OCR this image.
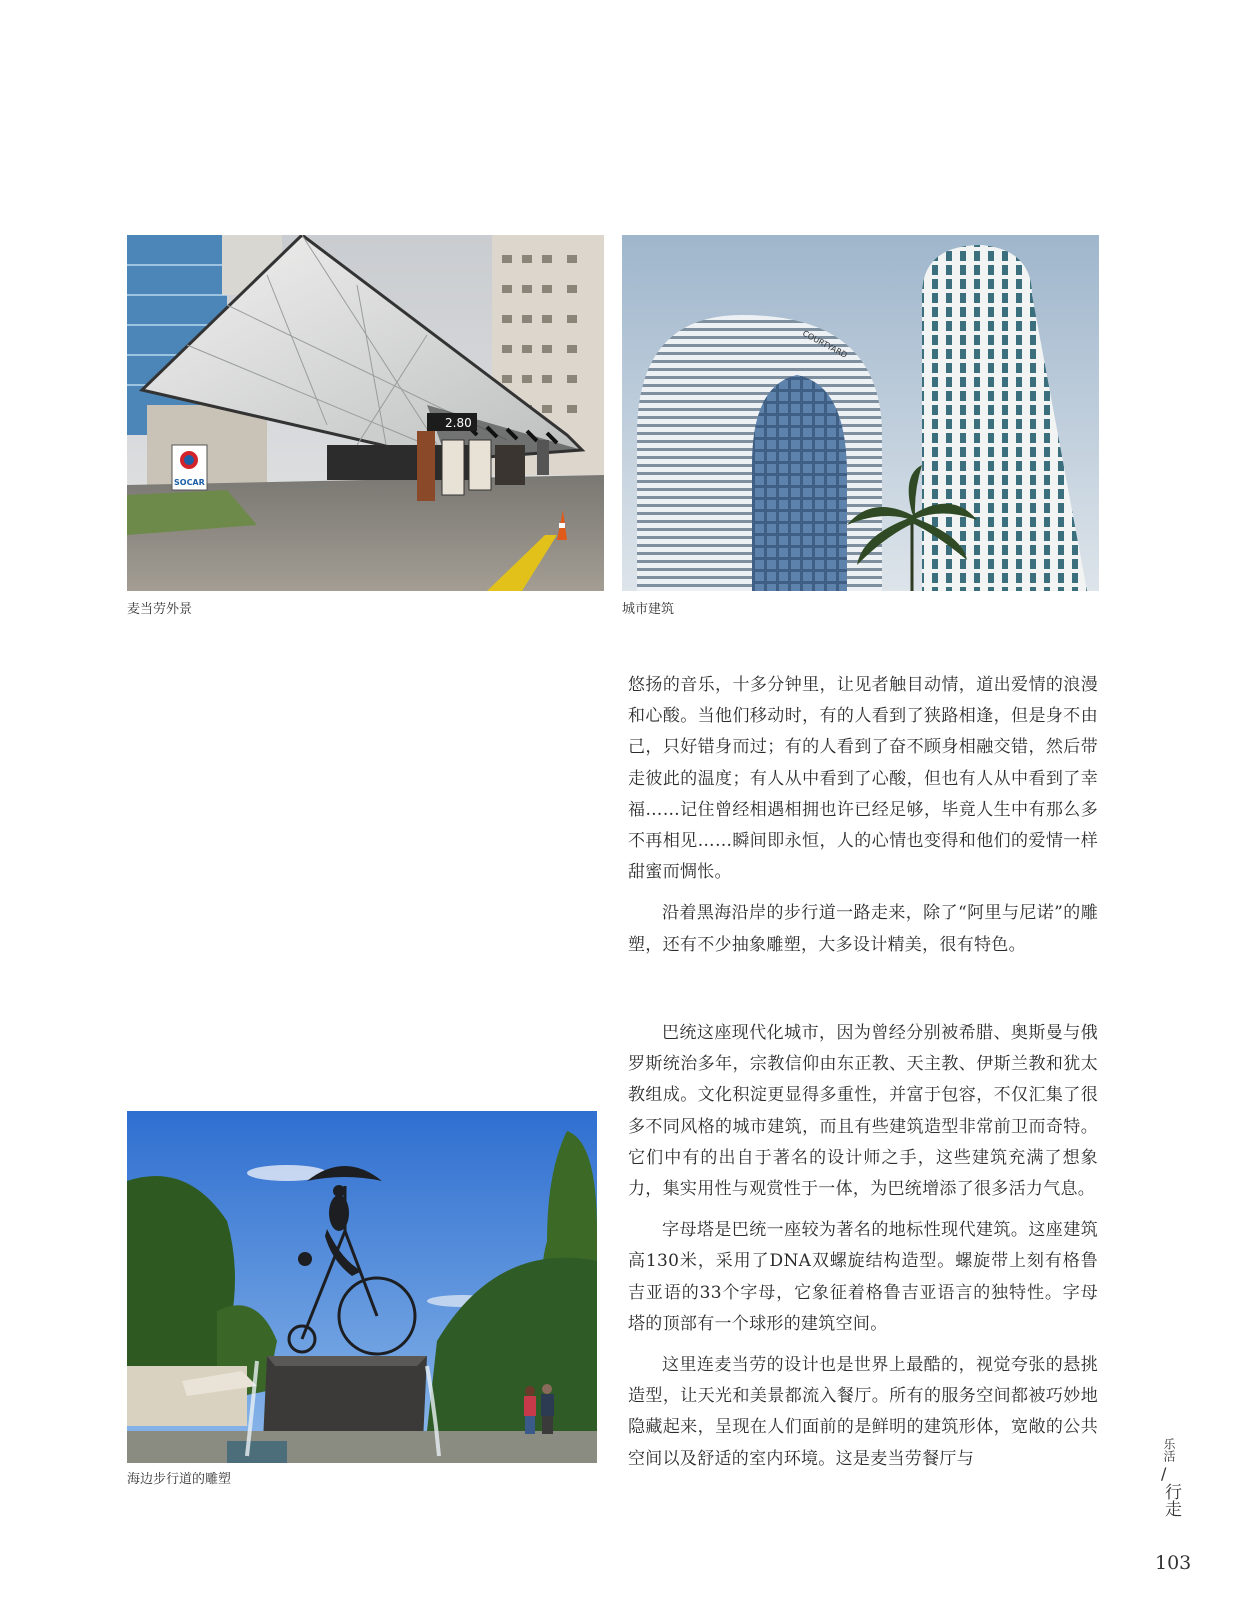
2.80
SOCAR
麦当劳外景
COURTYARD
城市建筑

悠扬的音乐，十多分钟里，让见者触目动情，道出爱情的浪漫和心酸。当他们移动时，有的人看到了狭路相逢，但是身不由己，只好错身而过；有的人看到了奋不顾身相融交错，然后带走彼此的温度；有人从中看到了心酸，但也有人从中看到了幸福……记住曾经相遇相拥也许已经足够，毕竟人生中有那么多不再相见……瞬间即永恒，人的心情也变得和他们的爱情一样甜蜜而惆怅。

沿着黑海沿岸的步行道一路走来，除了“阿里与尼诺”的雕塑，还有不少抽象雕塑，大多设计精美，很有特色。

巴统这座现代化城市，因为曾经分别被希腊、奥斯曼与俄罗斯统治多年，宗教信仰由东正教、天主教、伊斯兰教和犹太教组成。文化积淀更显得多重性，并富于包容，不仅汇集了很多不同风格的城市建筑，而且有些建筑造型非常前卫而奇特。它们中有的出自于著名的设计师之手，这些建筑充满了想象力，集实用性与观赏性于一体，为巴统增添了很多活力气息。

字母塔是巴统一座较为著名的地标性现代建筑。这座建筑高130米，采用了DNA双螺旋结构造型。螺旋带上刻有格鲁吉亚语的33个字母，它象征着格鲁吉亚语言的独特性。字母塔的顶部有一个球形的建筑空间。

这里连麦当劳的设计也是世界上最酷的，视觉夸张的悬挑造型，让天光和美景都流入餐厅。所有的服务空间都被巧妙地隐藏起来，呈现在人们面前的是鲜明的建筑形体，宽敞的公共空间以及舒适的室内环境。这是麦当劳餐厅与

海边步行道的雕塑
乐活
/
行走
103
